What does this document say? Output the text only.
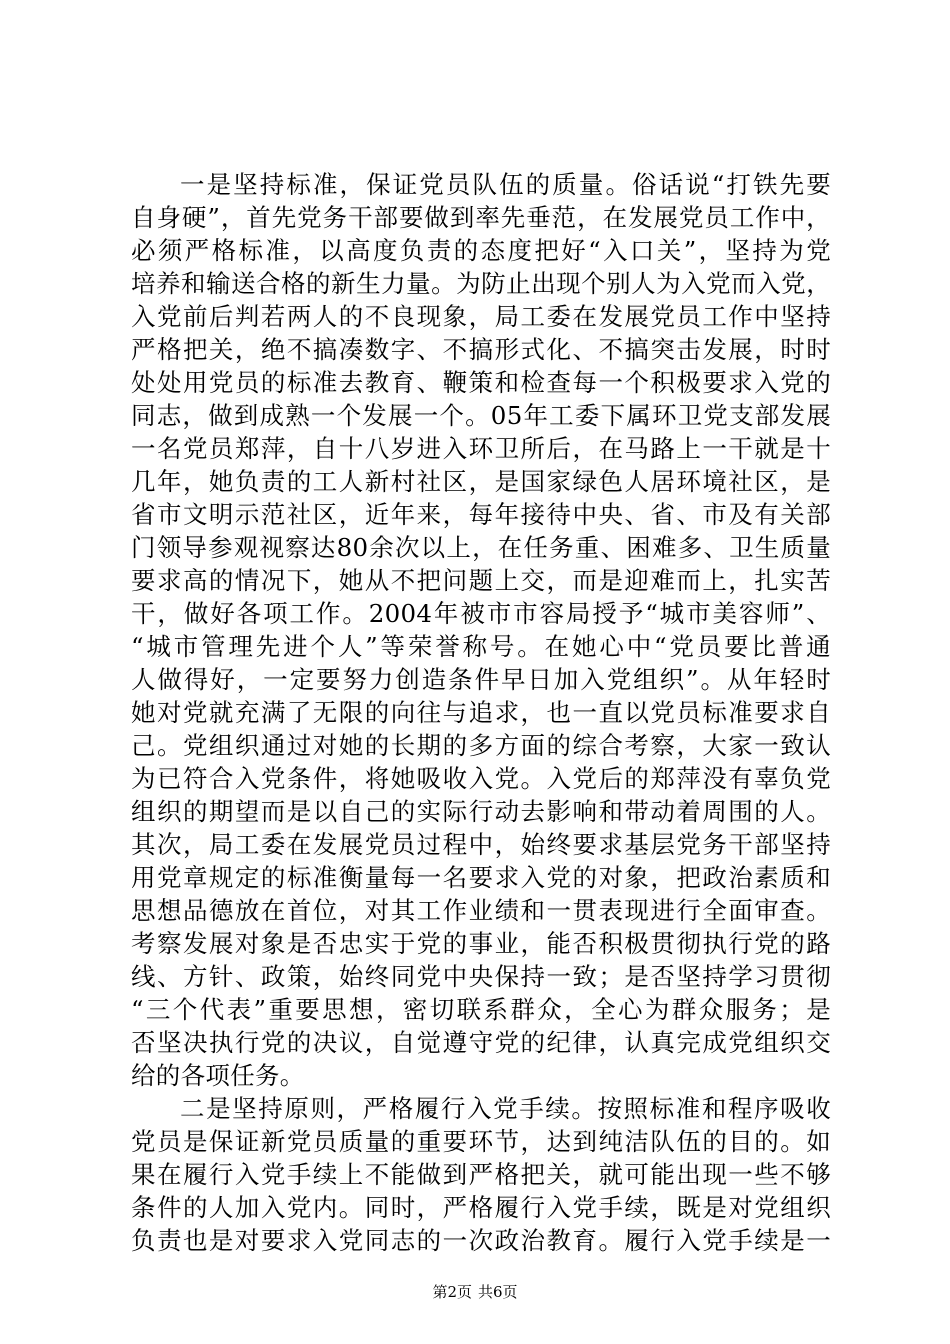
一是坚持标准，保证党员队伍的质量。俗话说“打铁先要
自身硬”，首先党务干部要做到率先垂范，在发展党员工作中，
必须严格标准，以高度负责的态度把好“入口关”，坚持为党
培养和输送合格的新生力量。为防止出现个别人为入党而入党，
入党前后判若两人的不良现象，局工委在发展党员工作中坚持
严格把关，绝不搞凑数字、不搞形式化、不搞突击发展，时时
处处用党员的标准去教育、鞭策和检查每一个积极要求入党的
同志，做到成熟一个发展一个。05年工委下属环卫党支部发展
一名党员郑萍，自十八岁进入环卫所后，在马路上一干就是十
几年，她负责的工人新村社区，是国家绿色人居环境社区，是
省市文明示范社区，近年来，每年接待中央、省、市及有关部
门领导参观视察达80余次以上，在任务重、困难多、卫生质量
要求高的情况下，她从不把问题上交，而是迎难而上，扎实苦
干，做好各项工作。2004年被市市容局授予“城市美容师”、
“城市管理先进个人”等荣誉称号。在她心中“党员要比普通
人做得好，一定要努力创造条件早日加入党组织”。从年轻时
她对党就充满了无限的向往与追求，也一直以党员标准要求自
己。党组织通过对她的长期的多方面的综合考察，大家一致认
为已符合入党条件，将她吸收入党。入党后的郑萍没有辜负党
组织的期望而是以自己的实际行动去影响和带动着周围的人。
其次，局工委在发展党员过程中，始终要求基层党务干部坚持
用党章规定的标准衡量每一名要求入党的对象，把政治素质和
思想品德放在首位，对其工作业绩和一贯表现进行全面审查。
考察发展对象是否忠实于党的事业，能否积极贯彻执行党的路
线、方针、政策，始终同党中央保持一致；是否坚持学习贯彻
“三个代表”重要思想，密切联系群众，全心为群众服务；是
否坚决执行党的决议，自觉遵守党的纪律，认真完成党组织交
给的各项任务。
二是坚持原则，严格履行入党手续。按照标准和程序吸收
党员是保证新党员质量的重要环节，达到纯洁队伍的目的。如
果在履行入党手续上不能做到严格把关，就可能出现一些不够
条件的人加入党内。同时，严格履行入党手续，既是对党组织
负责也是对要求入党同志的一次政治教育。履行入党手续是一
第2页 共6页
